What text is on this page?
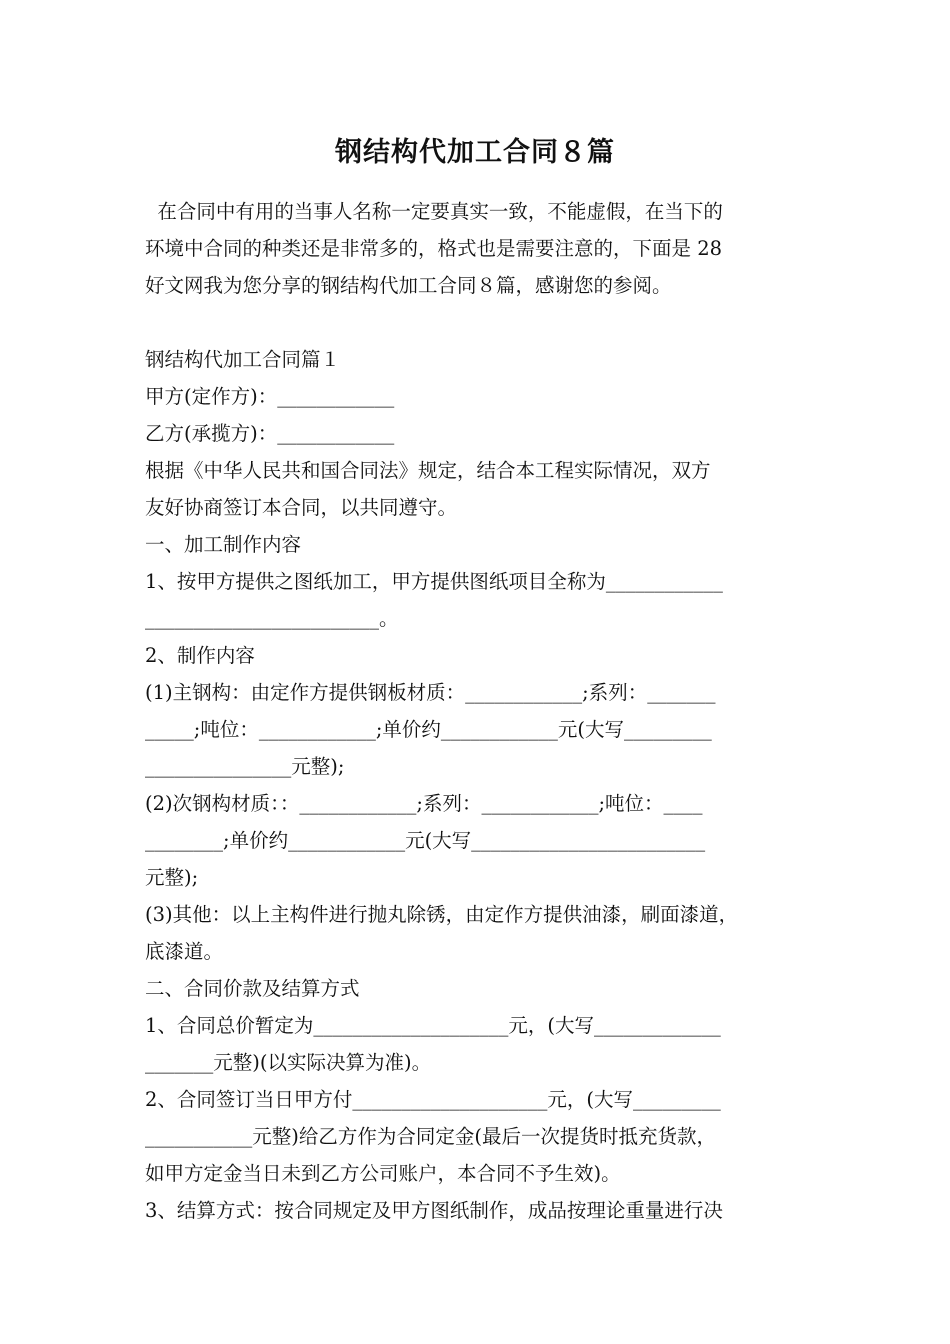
钢结构代加工合同８篇
在合同中有用的当事人名称一定要真实一致，不能虚假，在当下的
环境中合同的种类还是非常多的，格式也是需要注意的，下面是 28
好文网我为您分享的钢结构代加工合同８篇，感谢您的参阅。
钢结构代加工合同篇１
甲方(定作方)：____________
乙方(承揽方)：____________
根据《中华人民共和国合同法》规定，结合本工程实际情况，双方
友好协商签订本合同，以共同遵守。
一、加工制作内容
1、按甲方提供之图纸加工，甲方提供图纸项目全称为____________
________________________。
2、制作内容
(1)主钢构：由定作方提供钢板材质：____________;系列：_______
_____;吨位：____________;单价约____________元(大写_________
_______________元整);
(2)次钢构材质：：____________;系列：____________;吨位：____
________;单价约____________元(大写________________________
元整);
(3)其他：以上主构件进行抛丸除锈，由定作方提供油漆，刷面漆道，
底漆道。
二、合同价款及结算方式
1、合同总价暂定为____________________元，(大写_____________
_______元整)(以实际决算为准)。
2、合同签订当日甲方付____________________元，(大写_________
___________元整)给乙方作为合同定金(最后一次提货时抵充货款，
如甲方定金当日未到乙方公司账户，本合同不予生效)。
3、结算方式：按合同规定及甲方图纸制作，成品按理论重量进行决
